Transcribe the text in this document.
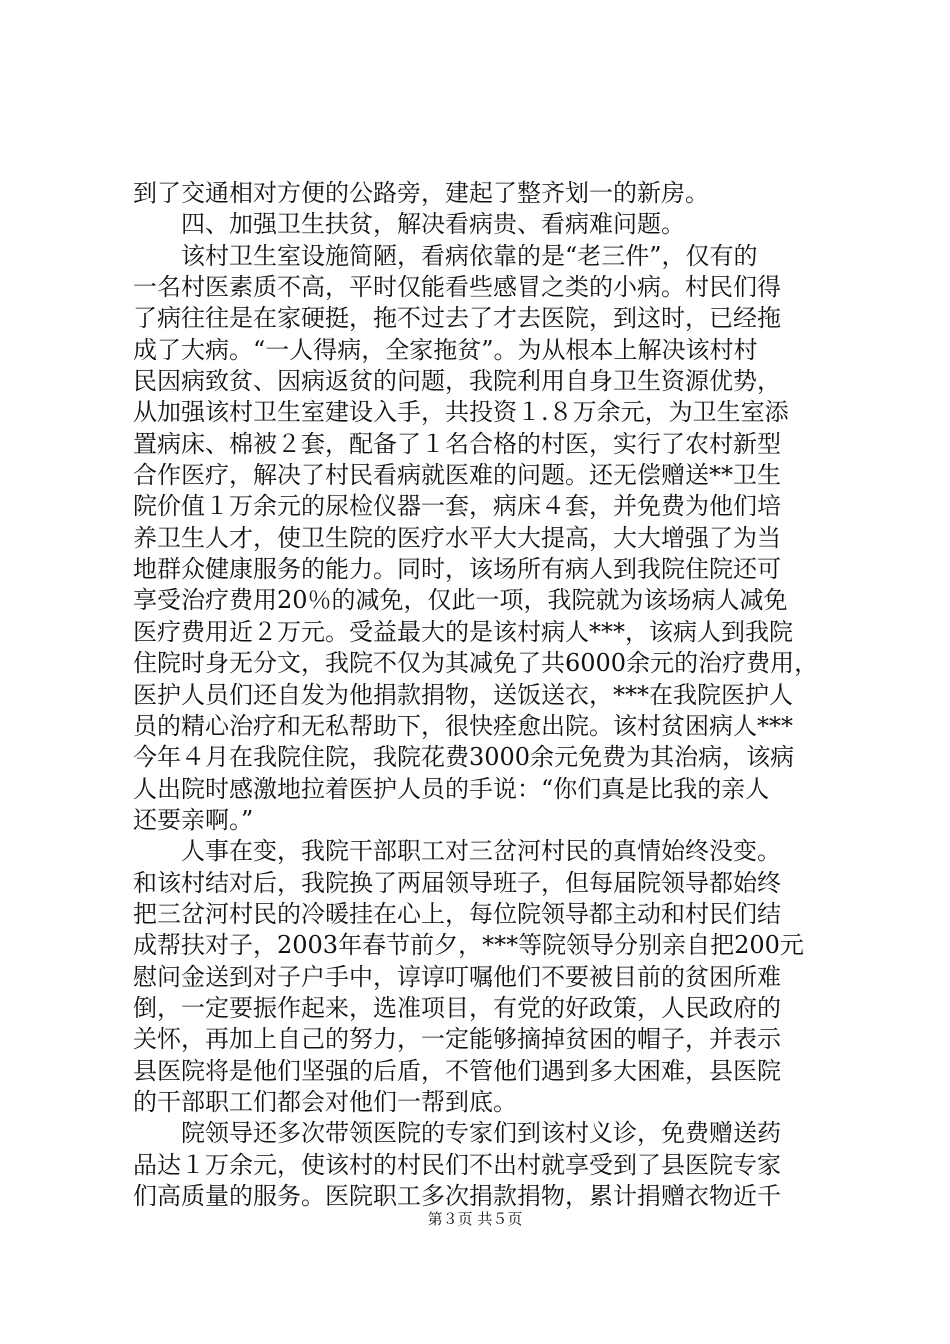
到了交通相对方便的公路旁，建起了整齐划一的新房。
　　四、加强卫生扶贫，解决看病贵、看病难问题。
　　该村卫生室设施简陋，看病依靠的是“老三件”，仅有的
一名村医素质不高，平时仅能看些感冒之类的小病。村民们得
了病往往是在家硬挺，拖不过去了才去医院，到这时，已经拖
成了大病。“一人得病，全家拖贫”。为从根本上解决该村村
民因病致贫、因病返贫的问题，我院利用自身卫生资源优势，
从加强该村卫生室建设入手，共投资１.８万余元，为卫生室添
置病床、棉被２套，配备了１名合格的村医，实行了农村新型
合作医疗，解决了村民看病就医难的问题。还无偿赠送**卫生
院价值１万余元的尿检仪器一套，病床４套，并免费为他们培
养卫生人才，使卫生院的医疗水平大大提高，大大增强了为当
地群众健康服务的能力。同时，该场所有病人到我院住院还可
享受治疗费用20％的减免，仅此一项，我院就为该场病人减免
医疗费用近２万元。受益最大的是该村病人***，该病人到我院
住院时身无分文，我院不仅为其减免了共6000余元的治疗费用，
医护人员们还自发为他捐款捐物，送饭送衣，***在我院医护人
员的精心治疗和无私帮助下，很快痊愈出院。该村贫困病人***
今年４月在我院住院，我院花费3000余元免费为其治病，该病
人出院时感激地拉着医护人员的手说：“你们真是比我的亲人
还要亲啊。”
　　人事在变，我院干部职工对三岔河村民的真情始终没变。
和该村结对后，我院换了两届领导班子，但每届院领导都始终
把三岔河村民的冷暖挂在心上，每位院领导都主动和村民们结
成帮扶对子，2003年春节前夕，***等院领导分别亲自把200元
慰问金送到对子户手中，谆谆叮嘱他们不要被目前的贫困所难
倒，一定要振作起来，选准项目，有党的好政策，人民政府的
关怀，再加上自己的努力，一定能够摘掉贫困的帽子，并表示
县医院将是他们坚强的后盾，不管他们遇到多大困难，县医院
的干部职工们都会对他们一帮到底。
　　院领导还多次带领医院的专家们到该村义诊，免费赠送药
品达１万余元，使该村的村民们不出村就享受到了县医院专家
们高质量的服务。医院职工多次捐款捐物，累计捐赠衣物近千
第３页 共５页
